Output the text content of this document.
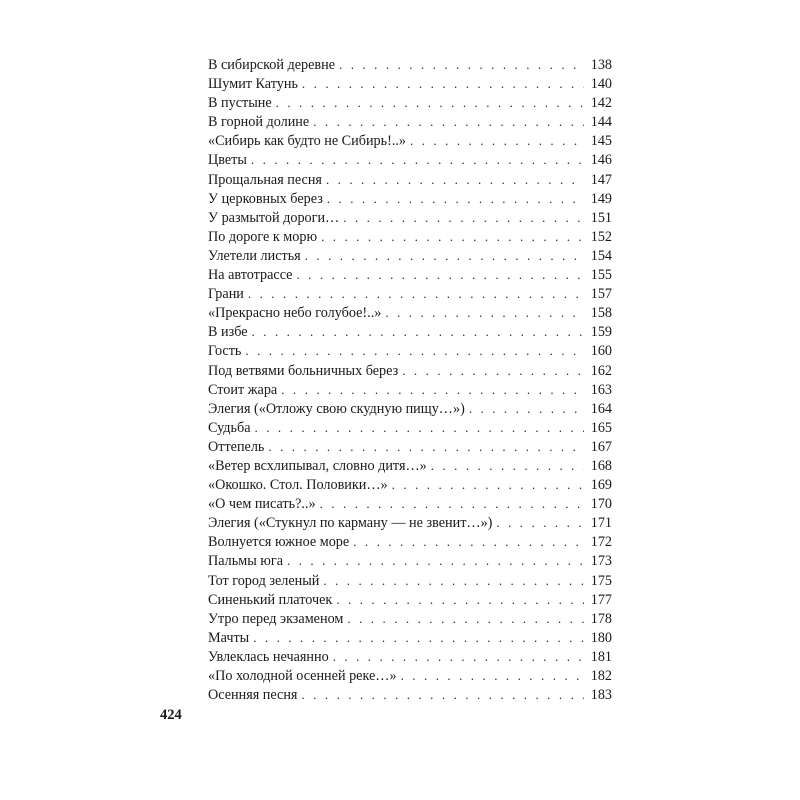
В сибирской деревне . . .	138
Шумит Катунь . . .	140
В пустыне . . .	142
В горной долине . . .	144
«Сибирь как будто не Сибирь!..» . . .	145
Цветы . . .	146
Прощальная песня . . .	147
У церковных берез . . .	149
У размытой дороги… . . .	151
По дороге к морю . . .	152
Улетели листья . . .	154
На автотрассе . . .	155
Грани . . .	157
«Прекрасно небо голубое!..» . . .	158
В избе . . .	159
Гость . . .	160
Под ветвями больничных берез . . .	162
Стоит жара . . .	163
Элегия («Отложу свою скудную пищу…») . . .	164
Судьба . . .	165
Оттепель . . .	167
«Ветер всхлипывал, словно дитя…» . . .	168
«Окошко. Стол. Половики…» . . .	169
«О чем писать?..» . . .	170
Элегия («Стукнул по карману — не звенит…») . . .	171
Волнуется южное море . . .	172
Пальмы юга . . .	173
Тот город зеленый . . .	175
Синенький платочек . . .	177
Утро перед экзаменом . . .	178
Мачты . . .	180
Увлеклась нечаянно . . .	181
«По холодной осенней реке…» . . .	182
Осенняя песня . . .	183
424
